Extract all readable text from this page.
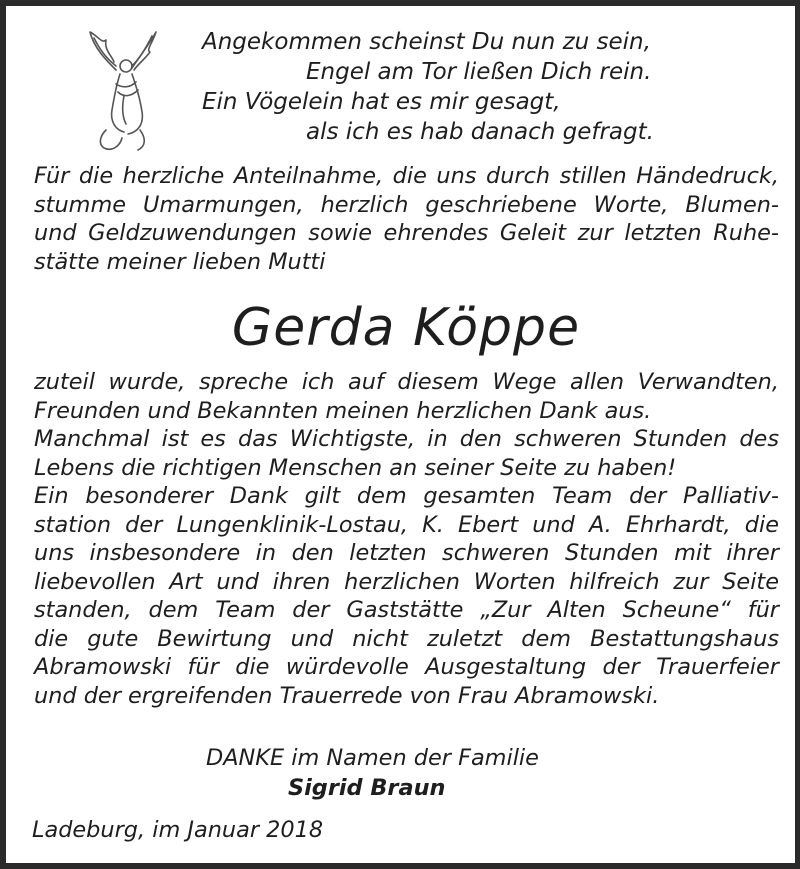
Angekommen scheinst Du nun zu sein,
Engel am Tor ließen Dich rein.
Ein Vögelein hat es mir gesagt,
als ich es hab danach gefragt.
Für die herzliche Anteilnahme, die uns durch stillen Händedruck,
stumme Umarmungen, herzlich geschriebene Worte, Blumen-
und Geldzuwendungen sowie ehrendes Geleit zur letzten Ruhe-
stätte meiner lieben Mutti
Gerda Köppe
zuteil wurde, spreche ich auf diesem Wege allen Verwandten,
Freunden und Bekannten meinen herzlichen Dank aus.
Manchmal ist es das Wichtigste, in den schweren Stunden des
Lebens die richtigen Menschen an seiner Seite zu haben!
Ein besonderer Dank gilt dem gesamten Team der Palliativ-
station der Lungenklinik-Lostau, K. Ebert und A. Ehrhardt, die
uns insbesondere in den letzten schweren Stunden mit ihrer
liebevollen Art und ihren herzlichen Worten hilfreich zur Seite
standen, dem Team der Gaststätte „Zur Alten Scheune“ für
die gute Bewirtung und nicht zuletzt dem Bestattungshaus
Abramowski für die würdevolle Ausgestaltung der Trauerfeier
und der ergreifenden Trauerrede von Frau Abramowski.
DANKE im Namen der Familie
Sigrid Braun
Ladeburg, im Januar 2018
